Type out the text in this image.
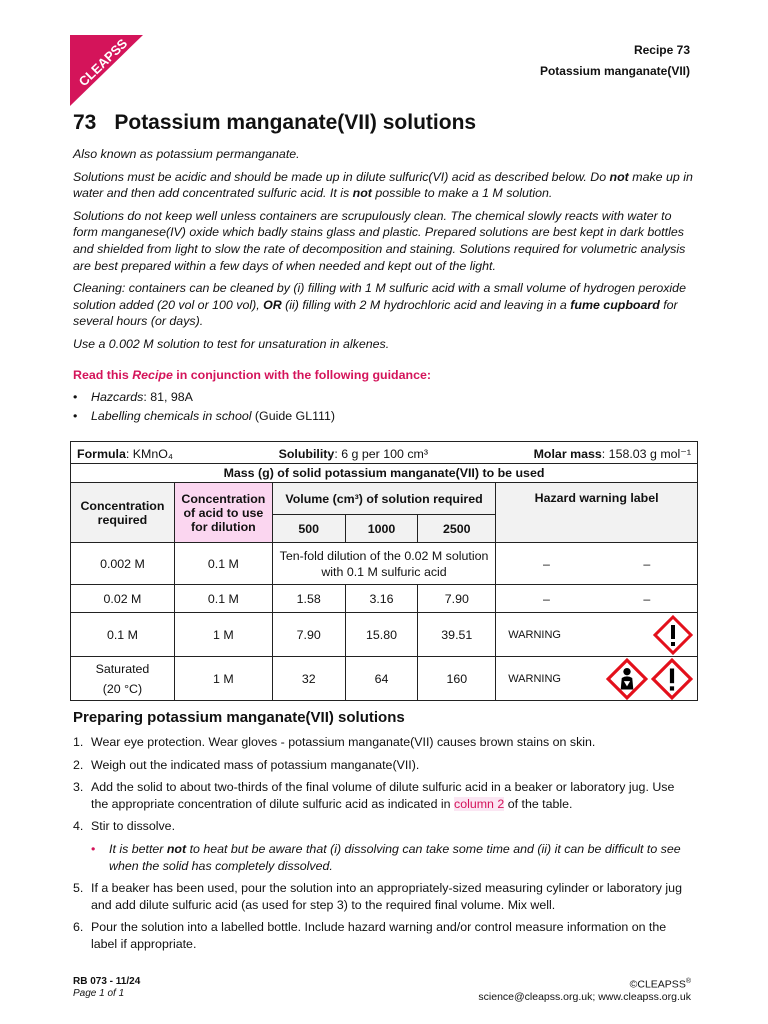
CLEAPSS	Recipe 73
Potassium manganate(VII)
73 Potassium manganate(VII) solutions

Also known as potassium permanganate.

Solutions must be acidic and should be made up in dilute sulfuric(VI) acid as described below. Do not make up in water and then add concentrated sulfuric acid. It is not possible to make a 1 M solution.

Solutions do not keep well unless containers are scrupulously clean. The chemical slowly reacts with water to form manganese(IV) oxide which badly stains glass and plastic. Prepared solutions are best kept in dark bottles and shielded from light to slow the rate of decomposition and staining. Solutions required for volumetric analysis are best prepared within a few days of when needed and kept out of the light.

Cleaning: containers can be cleaned by (i) filling with 1 M sulfuric acid with a small volume of hydrogen peroxide solution added (20 vol or 100 vol), OR (ii) filling with 2 M hydrochloric acid and leaving in a fume cupboard for several hours (or days).

Use a 0.002 M solution to test for unsaturation in alkenes.

Read this Recipe in conjunction with the following guidance:
• Hazcards: 81, 98A
• Labelling chemicals in school (Guide GL111)
Formula: KMnO₄ Solubility: 6 g per 100 cm³ Molar mass: 158.03 g mol⁻¹					

Mass (g) of solid potassium manganate(VII) to be used					
Concentration required	Concentration of acid to use for dilution	Volume (cm³) of solution required			Hazard warning label
		500	1000	2500	
0.002 M	0.1 M	Ten-fold dilution of the 0.02 M solution with 0.1 M sulfuric acid			– –

0.02 M	0.1 M	1.58	3.16	7.90	– –

0.1 M	1 M	7.90	15.80	39.51	WARNING

Saturated
(20 °C)	1 M	32	64	160	WARNING
Preparing potassium manganate(VII) solutions
1. Wear eye protection. Wear gloves - potassium manganate(VII) causes brown stains on skin.
2. Weigh out the indicated mass of potassium manganate(VII).
3. Add the solid to about two-thirds of the final volume of dilute sulfuric acid in a beaker or laboratory jug. Use the appropriate concentration of dilute sulfuric acid as indicated in column 2 of the table.
4. Stir to dissolve.
• It is better not to heat but be aware that (i) dissolving can take some time and (ii) it can be difficult to see when the solid has completely dissolved.
5. If a beaker has been used, pour the solution into an appropriately-sized measuring cylinder or laboratory jug and add dilute sulfuric acid (as used for step 3) to the required final volume. Mix well.
6. Pour the solution into a labelled bottle. Include hazard warning and/or control measure information on the label if appropriate.
RB 073 - 11/24
Page 1 of 1
©CLEAPSS®
science@cleapss.org.uk; www.cleapss.org.uk
